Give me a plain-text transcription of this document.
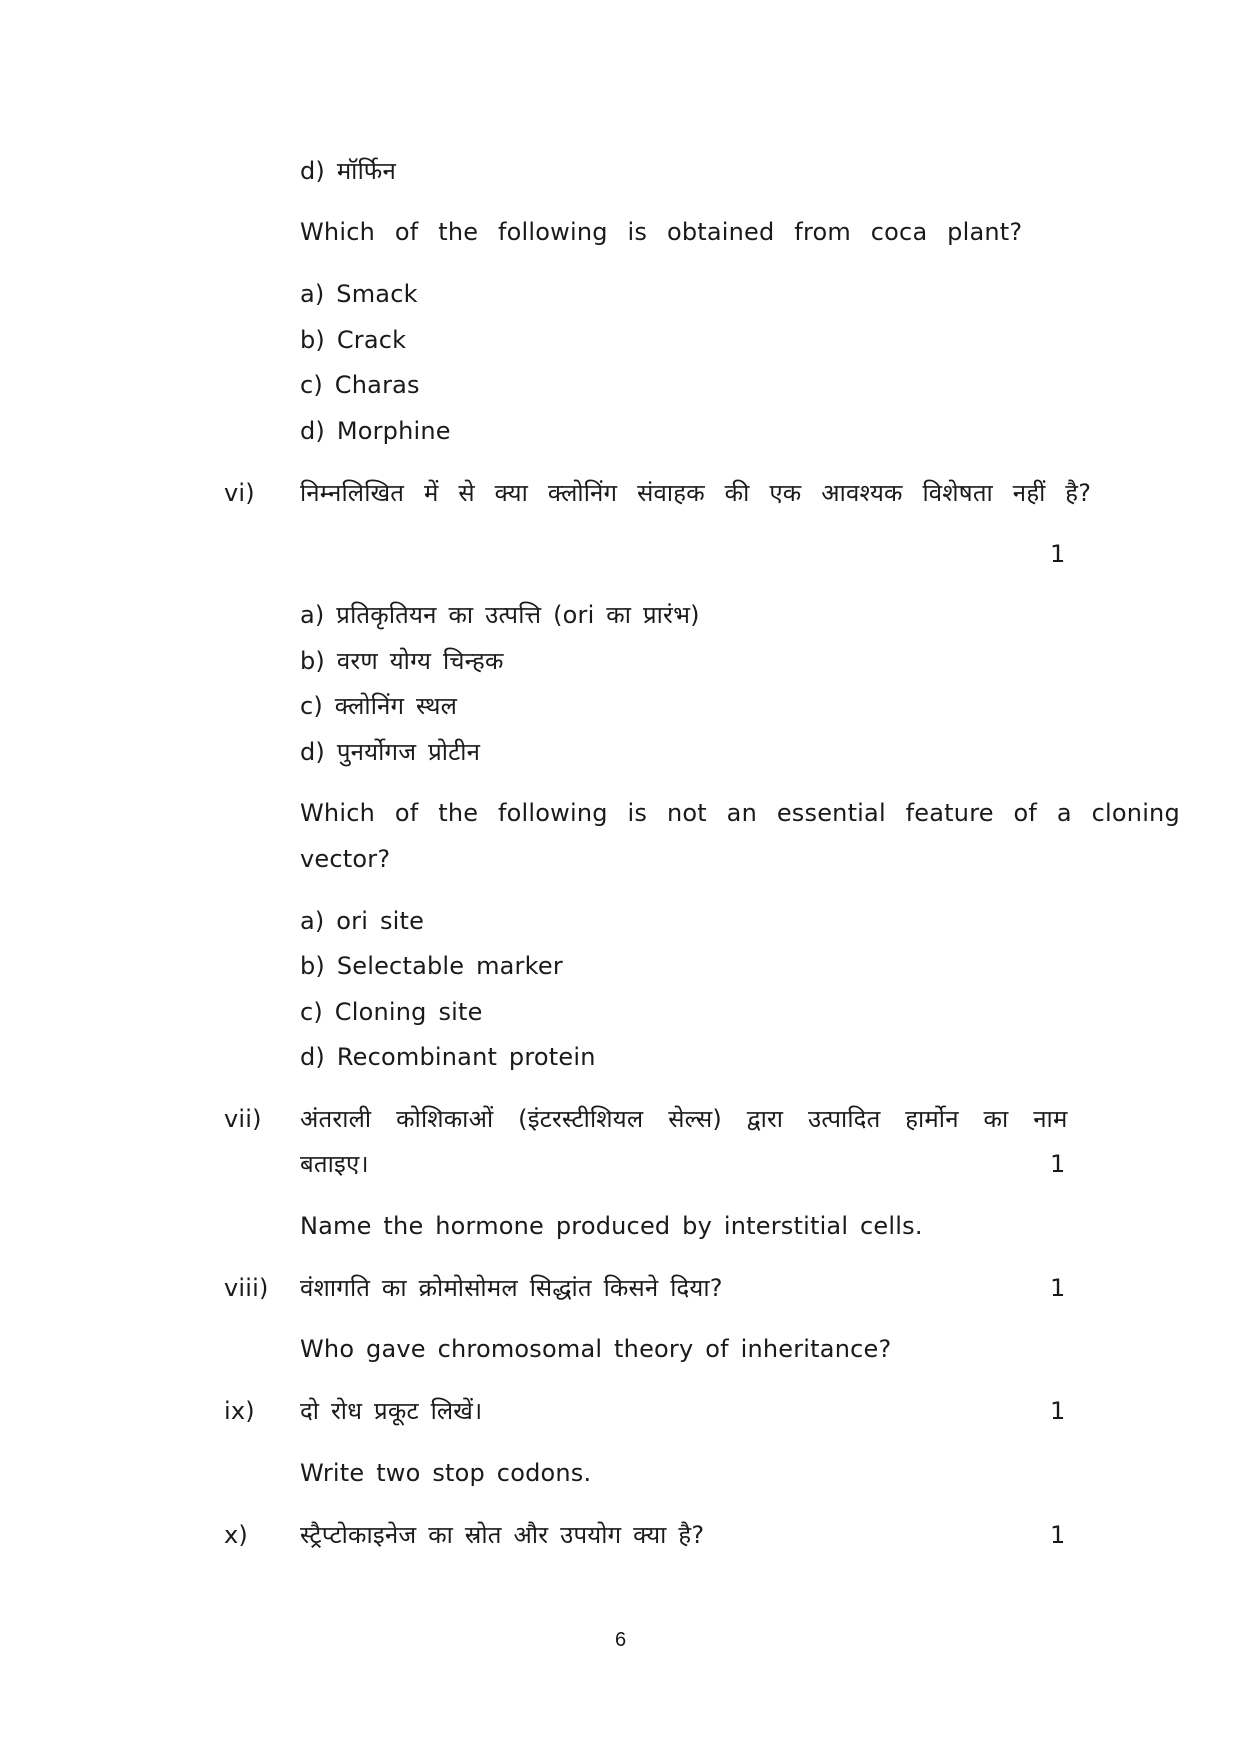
d) मॉर्फिन
Which of the following is obtained from coca plant?
a) Smack
b) Crack
c) Charas
d) Morphine
vi) निम्नलिखित में से क्या क्लोनिंग संवाहक की एक आवश्यक विशेषता नहीं है?
1
a) प्रतिकृतियन का उत्पत्ति (ori का प्रारंभ)
b) वरण योग्य चिन्हक
c) क्लोनिंग स्थल
d) पुनर्योगज प्रोटीन
Which of the following is not an essential feature of a cloning
vector?
a) ori site
b) Selectable marker
c) Cloning site
d) Recombinant protein
vii) अंतराली कोशिकाओं (इंटरस्टीशियल सेल्स) द्वारा उत्पादित हार्मोन का नाम
बताइए।	1
Name the hormone produced by interstitial cells.
viii) वंशागति का क्रोमोसोमल सिद्धांत किसने दिया?	1
Who gave chromosomal theory of inheritance?
ix) दो रोध प्रकूट लिखें।	1
Write two stop codons.
x) स्ट्रैप्टोकाइनेज का स्रोत और उपयोग क्या है?	1
6
